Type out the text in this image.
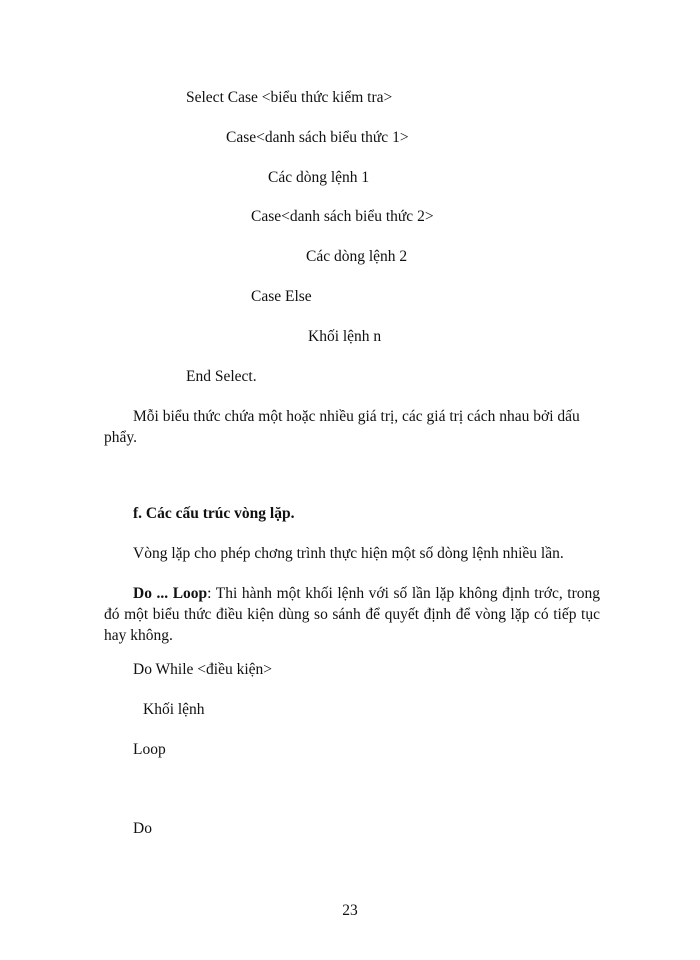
Select Case <biểu thức kiểm tra>
Case<danh sách biểu thức 1>
Các dòng lệnh 1
Case<danh sách biểu thức 2>
Các dòng lệnh 2
Case Else
Khối lệnh n
End Select.
Mỗi biểu thức chứa một hoặc nhiều giá trị, các giá trị cách nhau bởi dấu phẩy.
f. Các cấu trúc vòng lặp.
Vòng lặp cho phép chơng trình thực hiện một số dòng lệnh nhiều lần.
Do ... Loop: Thi hành một khối lệnh với số lần lặp không định trớc, trong đó một biểu thức điều kiện dùng so sánh để quyết định để vòng lặp có tiếp tục hay không.
Do While <điều kiện>
Khối lệnh
Loop
Do
23
